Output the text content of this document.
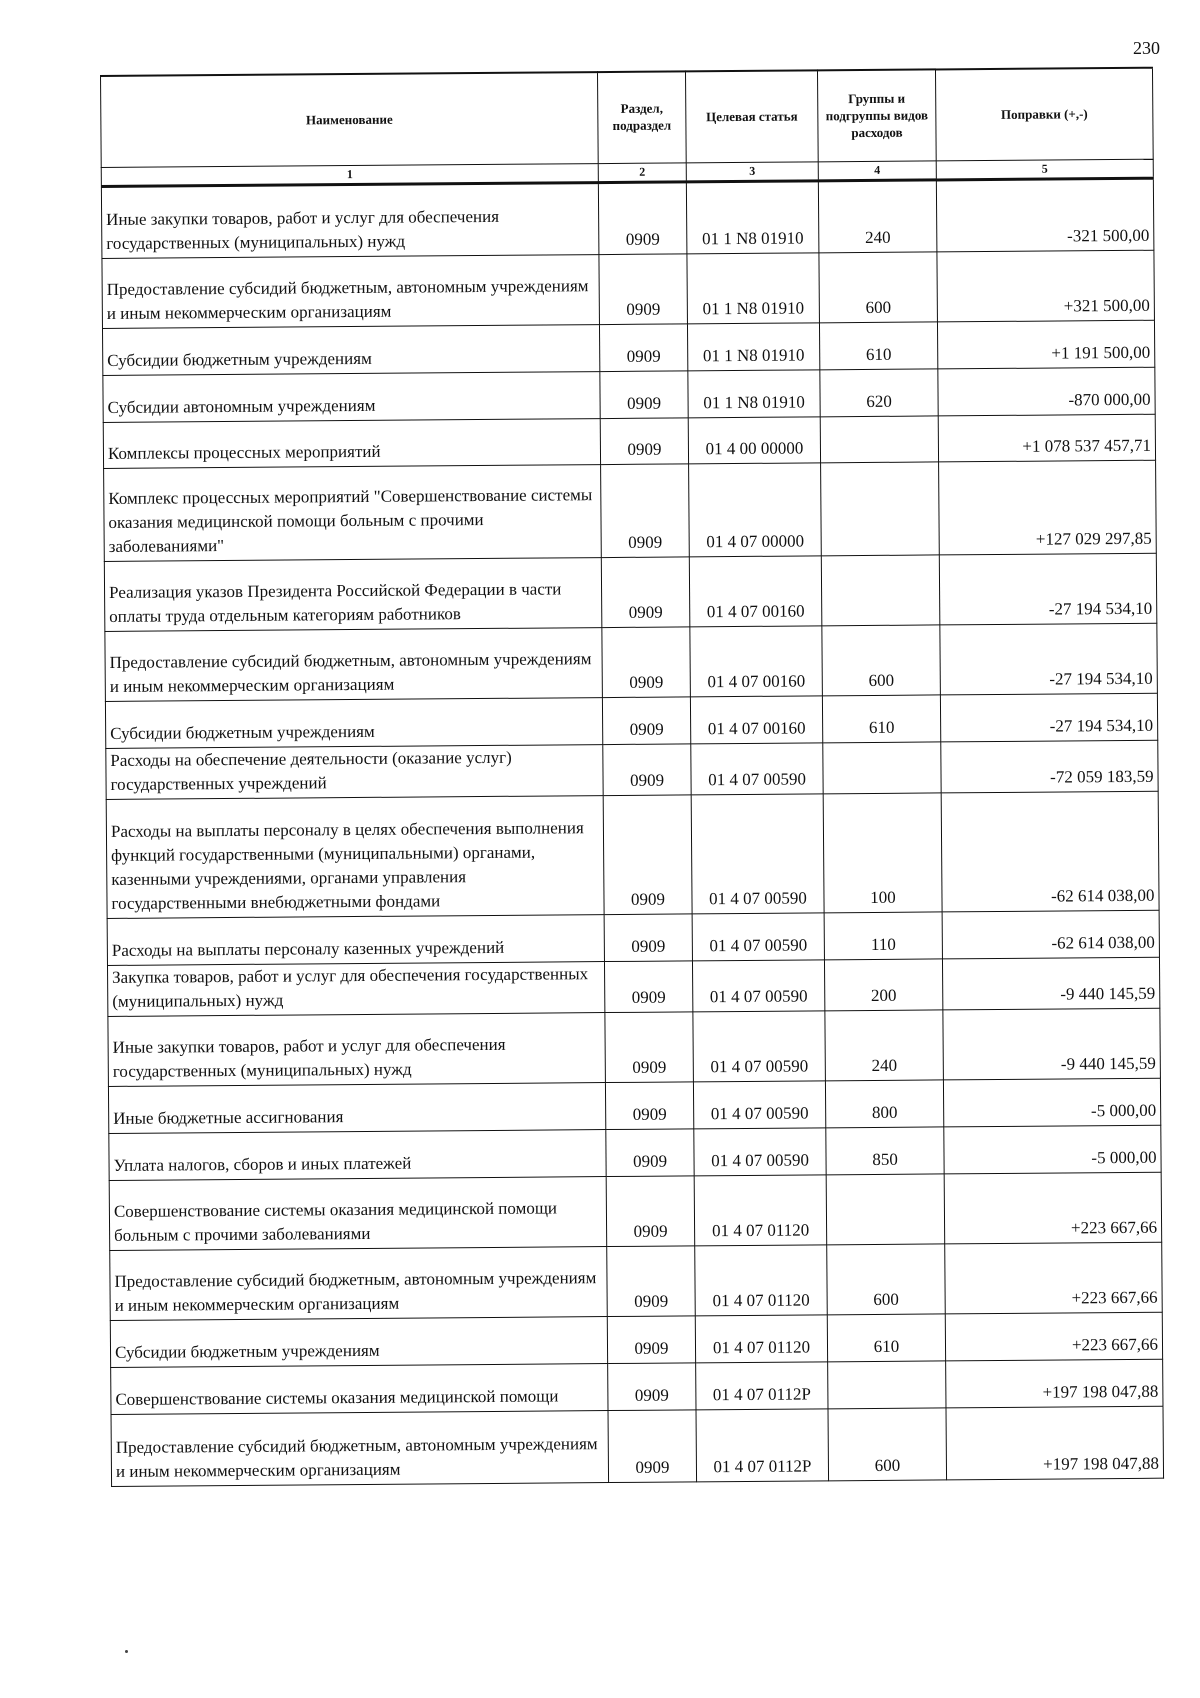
230
Наименование	Раздел, подраздел	Целевая статья	Группы и подгруппы видов расходов	Поправки (+,-)
1	2	3	4	5
Иные закупки товаров, работ и услуг для обеспечения государственных (муниципальных) нужд	0909	01 1 N8 01910	240	-321 500,00
Предоставление субсидий бюджетным, автономным учреждениям и иным некоммерческим организациям	0909	01 1 N8 01910	600	+321 500,00
Субсидии бюджетным учреждениям	0909	01 1 N8 01910	610	+1 191 500,00
Субсидии автономным учреждениям	0909	01 1 N8 01910	620	-870 000,00
Комплексы процессных мероприятий	0909	01 4 00 00000		+1 078 537 457,71
Комплекс процессных мероприятий "Совершенствование системы оказания медицинской помощи больным с прочими заболеваниями"	0909	01 4 07 00000		+127 029 297,85
Реализация указов Президента Российской Федерации в части оплаты труда отдельным категориям работников	0909	01 4 07 00160		-27 194 534,10
Предоставление субсидий бюджетным, автономным учреждениям и иным некоммерческим организациям	0909	01 4 07 00160	600	-27 194 534,10
Субсидии бюджетным учреждениям	0909	01 4 07 00160	610	-27 194 534,10
Расходы на обеспечение деятельности (оказание услуг) государственных учреждений	0909	01 4 07 00590		-72 059 183,59
Расходы на выплаты персоналу в целях обеспечения выполнения функций государственными (муниципальными) органами, казенными учреждениями, органами управления государственными внебюджетными фондами	0909	01 4 07 00590	100	-62 614 038,00
Расходы на выплаты персоналу казенных учреждений	0909	01 4 07 00590	110	-62 614 038,00
Закупка товаров, работ и услуг для обеспечения государственных (муниципальных) нужд	0909	01 4 07 00590	200	-9 440 145,59
Иные закупки товаров, работ и услуг для обеспечения государственных (муниципальных) нужд	0909	01 4 07 00590	240	-9 440 145,59
Иные бюджетные ассигнования	0909	01 4 07 00590	800	-5 000,00
Уплата налогов, сборов и иных платежей	0909	01 4 07 00590	850	-5 000,00
Совершенствование системы оказания медицинской помощи больным с прочими заболеваниями	0909	01 4 07 01120		+223 667,66
Предоставление субсидий бюджетным, автономным учреждениям и иным некоммерческим организациям	0909	01 4 07 01120	600	+223 667,66
Субсидии бюджетным учреждениям	0909	01 4 07 01120	610	+223 667,66
Совершенствование системы оказания медицинской помощи	0909	01 4 07 0112P		+197 198 047,88
Предоставление субсидий бюджетным, автономным учреждениям и иным некоммерческим организациям	0909	01 4 07 0112P	600	+197 198 047,88
